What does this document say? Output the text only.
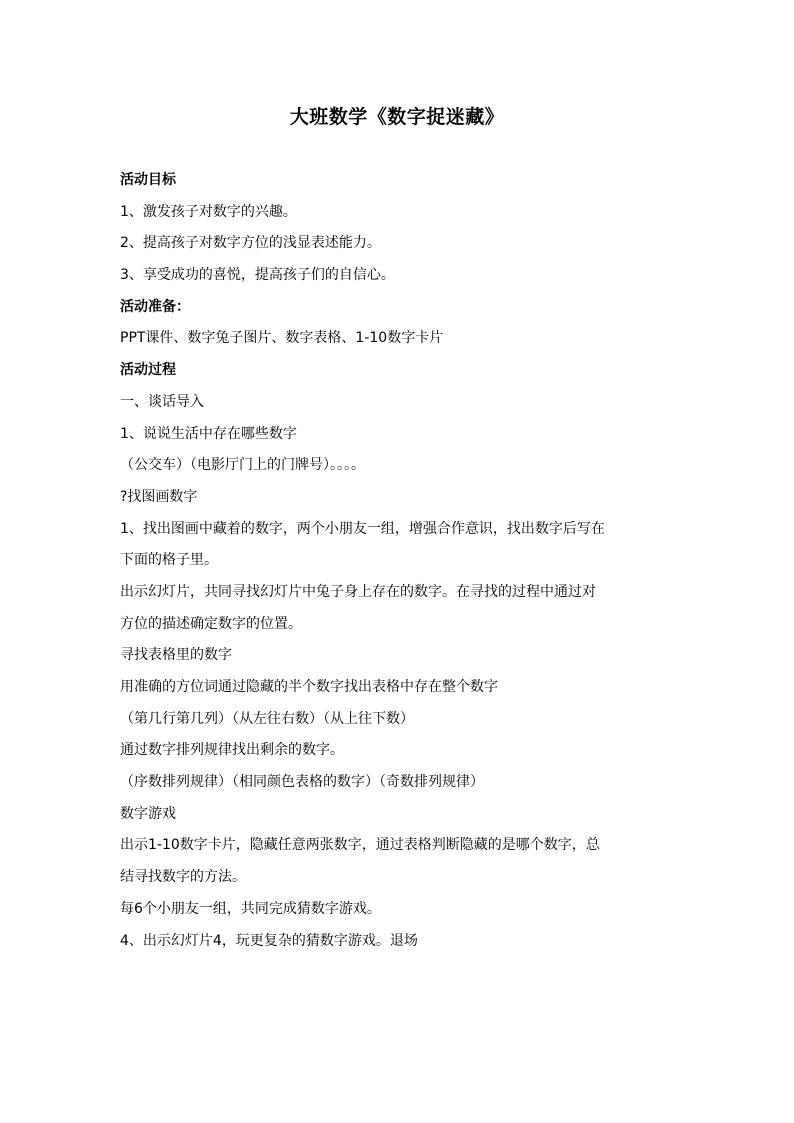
大班数学《数字捉迷藏》
活动目标
1、激发孩子对数字的兴趣。
2、提高孩子对数字方位的浅显表述能力。
3、享受成功的喜悦，提高孩子们的自信心。
活动准备：
PPT课件、数字兔子图片、数字表格、1-10数字卡片
活动过程
一、谈话导入
1、说说生活中存在哪些数字
（公交车）（电影厅门上的门牌号）。。。。
?找图画数字
1、找出图画中藏着的数字，两个小朋友一组，增强合作意识，找出数字后写在
下面的格子里。
出示幻灯片，共同寻找幻灯片中兔子身上存在的数字。在寻找的过程中通过对
方位的描述确定数字的位置。
寻找表格里的数字
用准确的方位词通过隐藏的半个数字找出表格中存在整个数字
（第几行第几列）（从左往右数）（从上往下数）
通过数字排列规律找出剩余的数字。
（序数排列规律）（相同颜色表格的数字）（奇数排列规律）
数字游戏
出示1-10数字卡片，隐藏任意两张数字，通过表格判断隐藏的是哪个数字，总
结寻找数字的方法。
每6个小朋友一组，共同完成猜数字游戏。
4、出示幻灯片4，玩更复杂的猜数字游戏。退场
